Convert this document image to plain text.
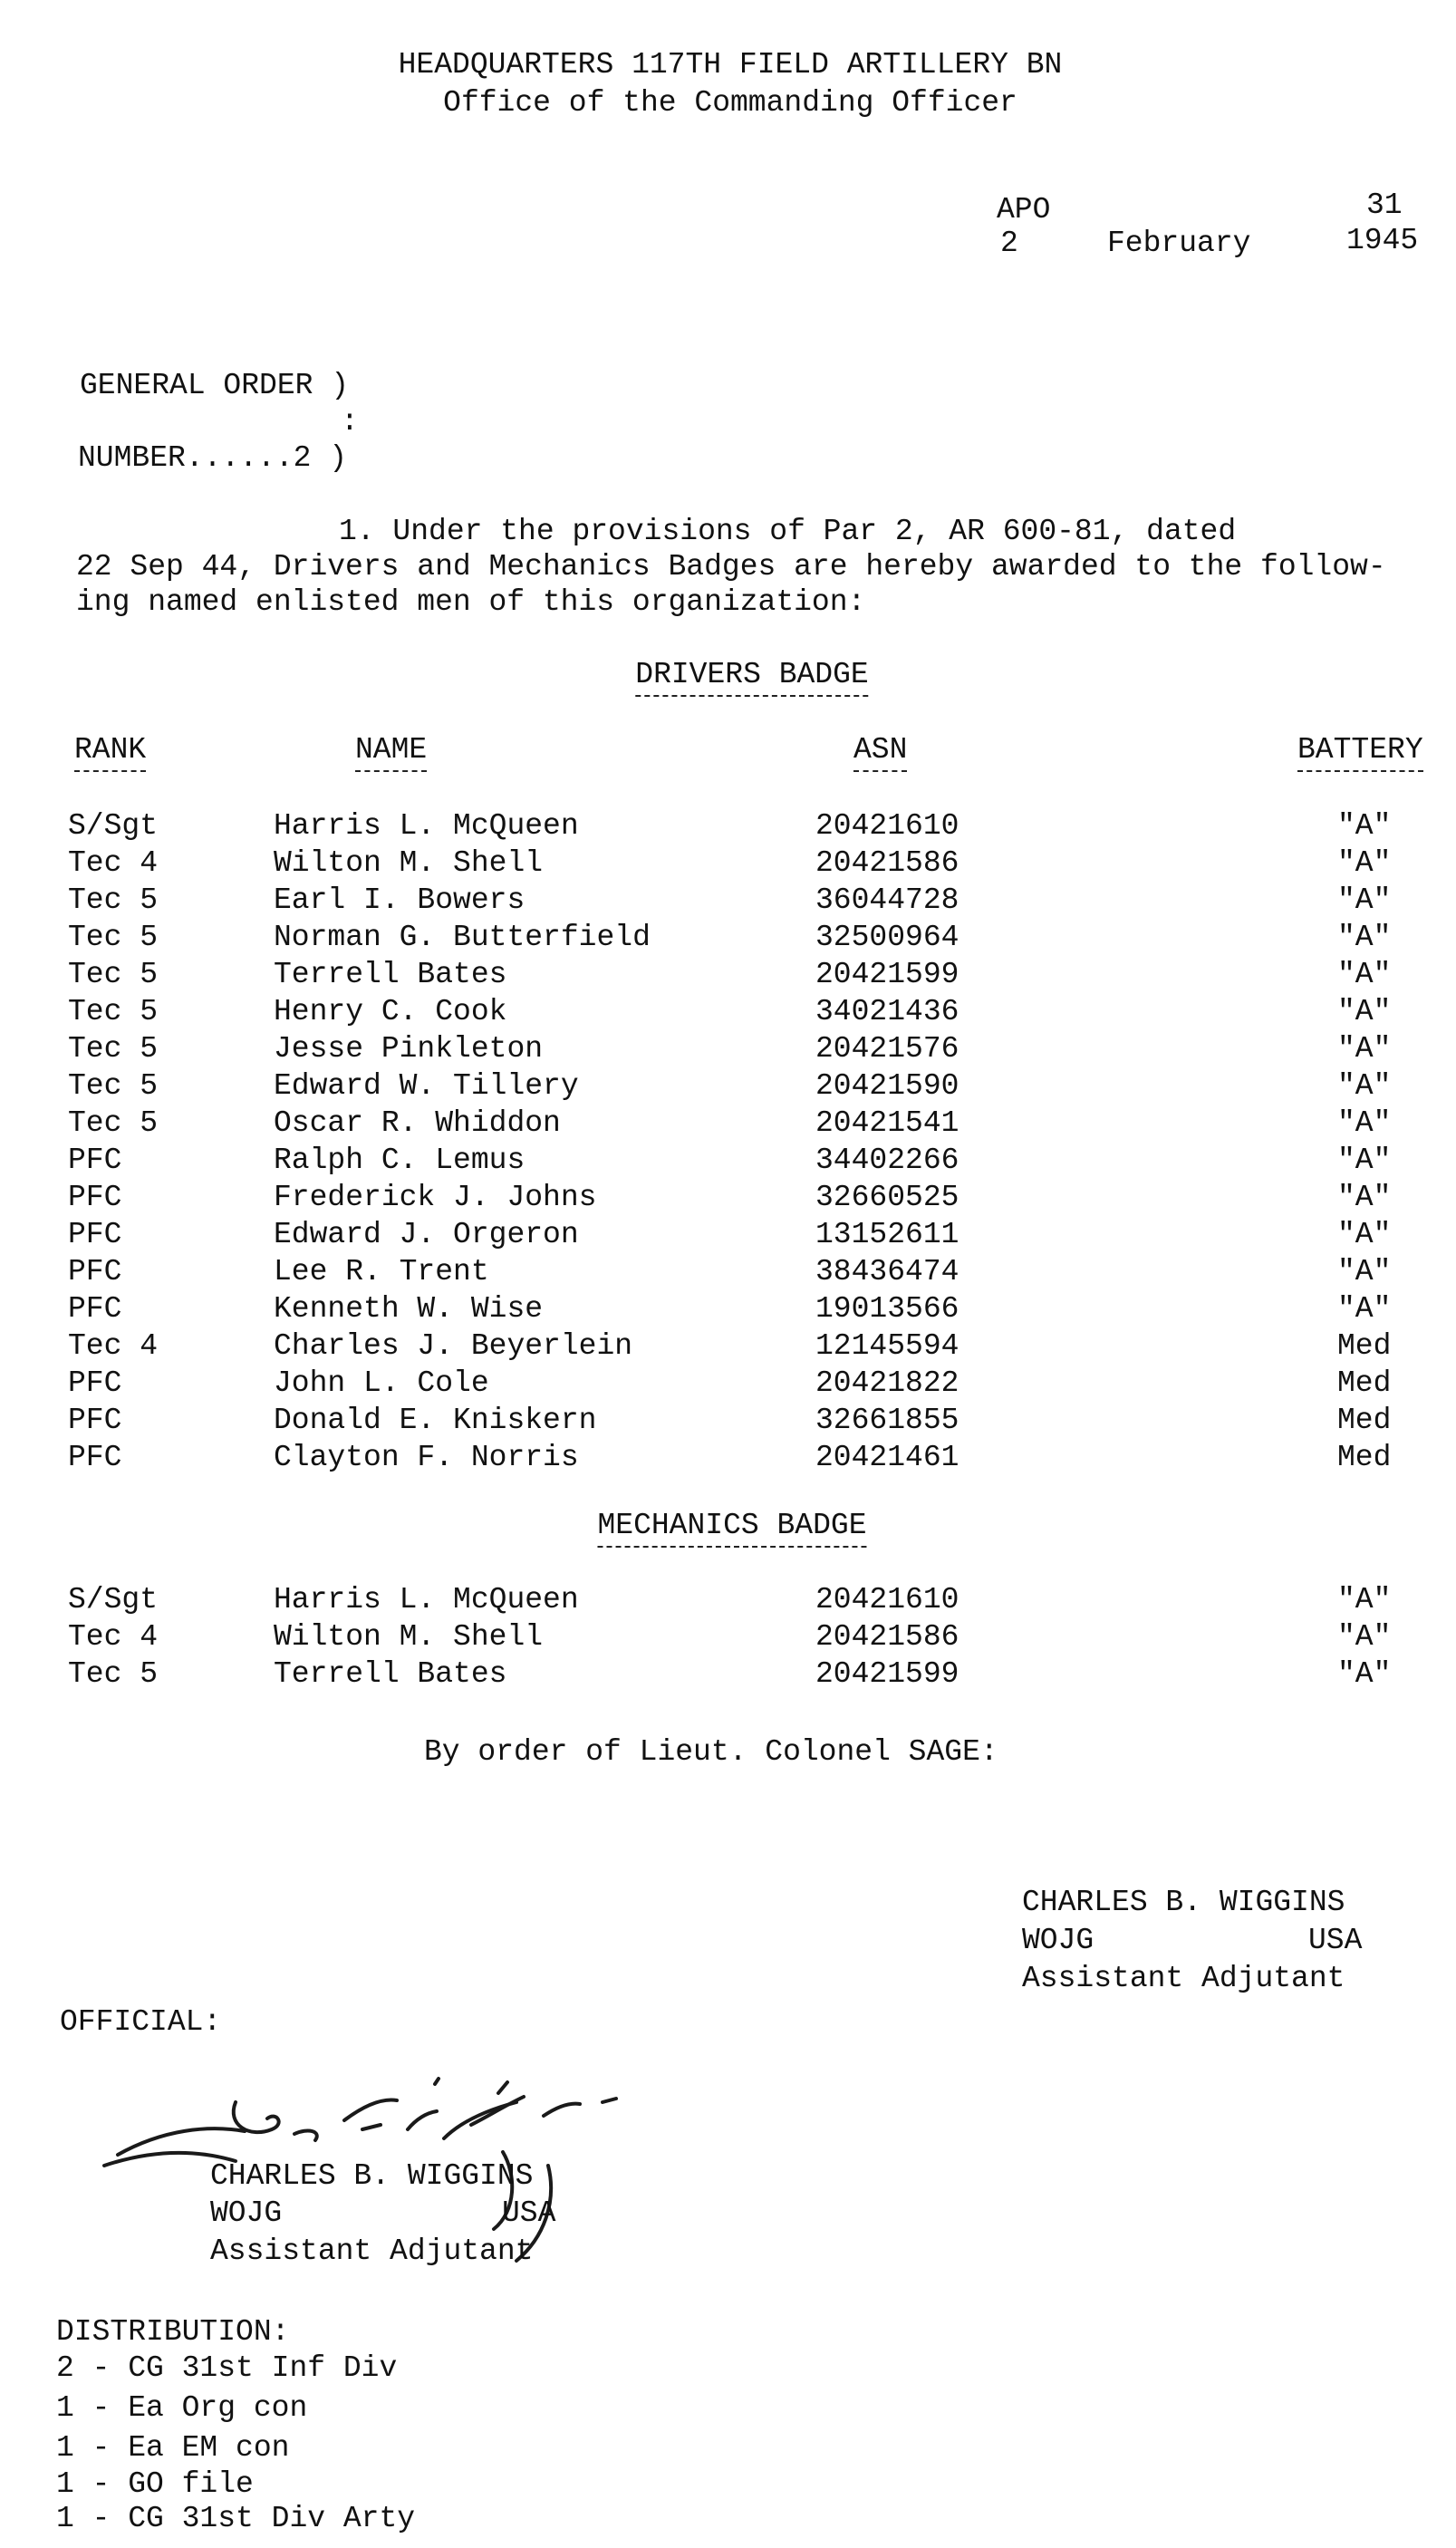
HEADQUARTERS 117TH FIELD ARTILLERY BN
Office of the Commanding Officer
APO	31
2	February	1945
GENERAL ORDER )
:
NUMBER......2 )
1. Under the provisions of Par 2, AR 600-81, dated
22 Sep 44, Drivers and Mechanics Badges are hereby awarded to the follow-
ing named enlisted men of this organization:
DRIVERS BADGE
RANK	NAME	ASN	BATTERY
S/Sgt	Harris L. McQueen	20421610	"A"
Tec 4	Wilton M. Shell	20421586	"A"
Tec 5	Earl I. Bowers	36044728	"A"
Tec 5	Norman G. Butterfield	32500964	"A"
Tec 5	Terrell Bates	20421599	"A"
Tec 5	Henry C. Cook	34021436	"A"
Tec 5	Jesse Pinkleton	20421576	"A"
Tec 5	Edward W. Tillery	20421590	"A"
Tec 5	Oscar R. Whiddon	20421541	"A"
PFC	Ralph C. Lemus	34402266	"A"
PFC	Frederick J. Johns	32660525	"A"
PFC	Edward J. Orgeron	13152611	"A"
PFC	Lee R. Trent	38436474	"A"
PFC	Kenneth W. Wise	19013566	"A"
Tec 4	Charles J. Beyerlein	12145594	Med
PFC	John L. Cole	20421822	Med
PFC	Donald E. Kniskern	32661855	Med
PFC	Clayton F. Norris	20421461	Med
MECHANICS BADGE
S/Sgt	Harris L. McQueen	20421610	"A"
Tec 4	Wilton M. Shell	20421586	"A"
Tec 5	Terrell Bates	20421599	"A"
By order of Lieut. Colonel SAGE:
CHARLES B. WIGGINS
WOJG	USA
Assistant Adjutant
OFFICIAL:
CHARLES B. WIGGINS
WOJG	USA
Assistant Adjutant
DISTRIBUTION:
2 - CG 31st Inf Div
1 - Ea Org con
1 - Ea EM con
1 - GO file
1 - CG 31st Div Arty
